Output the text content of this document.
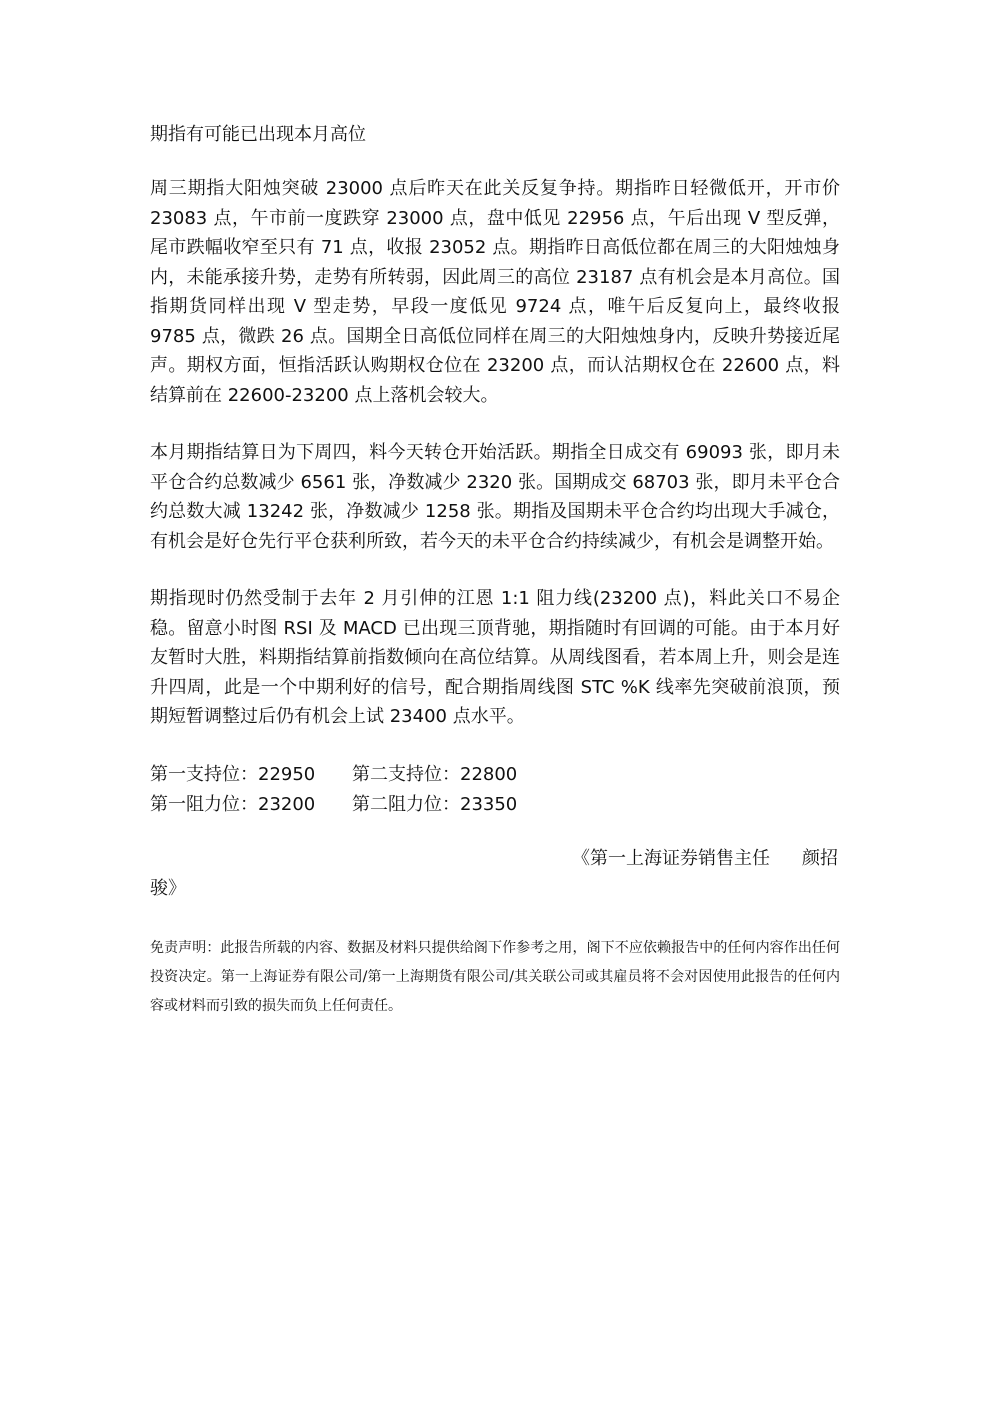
期指有可能已出现本月高位

周三期指大阳烛突破 23000 点后昨天在此关反复争持。期指昨日轻微低开，开市价 23083 点，午市前一度跌穿 23000 点，盘中低见 22956 点，午后出现 V 型反弹，尾市跌幅收窄至只有 71 点，收报 23052 点。期指昨日高低位都在周三的大阳烛烛身内，未能承接升势，走势有所转弱，因此周三的高位 23187 点有机会是本月高位。国指期货同样出现 V 型走势，早段一度低见 9724 点，唯午后反复向上，最终收报 9785 点，微跌 26 点。国期全日高低位同样在周三的大阳烛烛身内，反映升势接近尾声。期权方面，恒指活跃认购期权仓位在 23200 点，而认沽期权仓在 22600 点，料结算前在 22600-23200 点上落机会较大。

本月期指结算日为下周四，料今天转仓开始活跃。期指全日成交有 69093 张，即月未平仓合约总数减少 6561 张，净数减少 2320 张。国期成交 68703 张，即月未平仓合约总数大减 13242 张，净数减少 1258 张。期指及国期未平仓合约均出现大手减仓，有机会是好仓先行平仓获利所致，若今天的未平仓合约持续减少，有机会是调整开始。

期指现时仍然受制于去年 2 月引伸的江恩 1:1 阻力线(23200 点)，料此关口不易企稳。留意小时图 RSI 及 MACD 已出现三顶背驰，期指随时有回调的可能。由于本月好友暂时大胜，料期指结算前指数倾向在高位结算。从周线图看，若本周上升，则会是连升四周，此是一个中期利好的信号，配合期指周线图 STC %K 线率先突破前浪顶，预期短暂调整过后仍有机会上试 23400 点水平。

第一支持位：22950	第二支持位：22800
第一阻力位：23200	第二阻力位：23350
《第一上海证券销售主任 颜招
骏》

免责声明：此报告所载的内容、数据及材料只提供给阁下作参考之用，阁下不应依赖报告中的任何内容作出任何投资决定。第一上海证券有限公司/第一上海期货有限公司/其关联公司或其雇员将不会对因使用此报告的任何内容或材料而引致的损失而负上任何责任。
